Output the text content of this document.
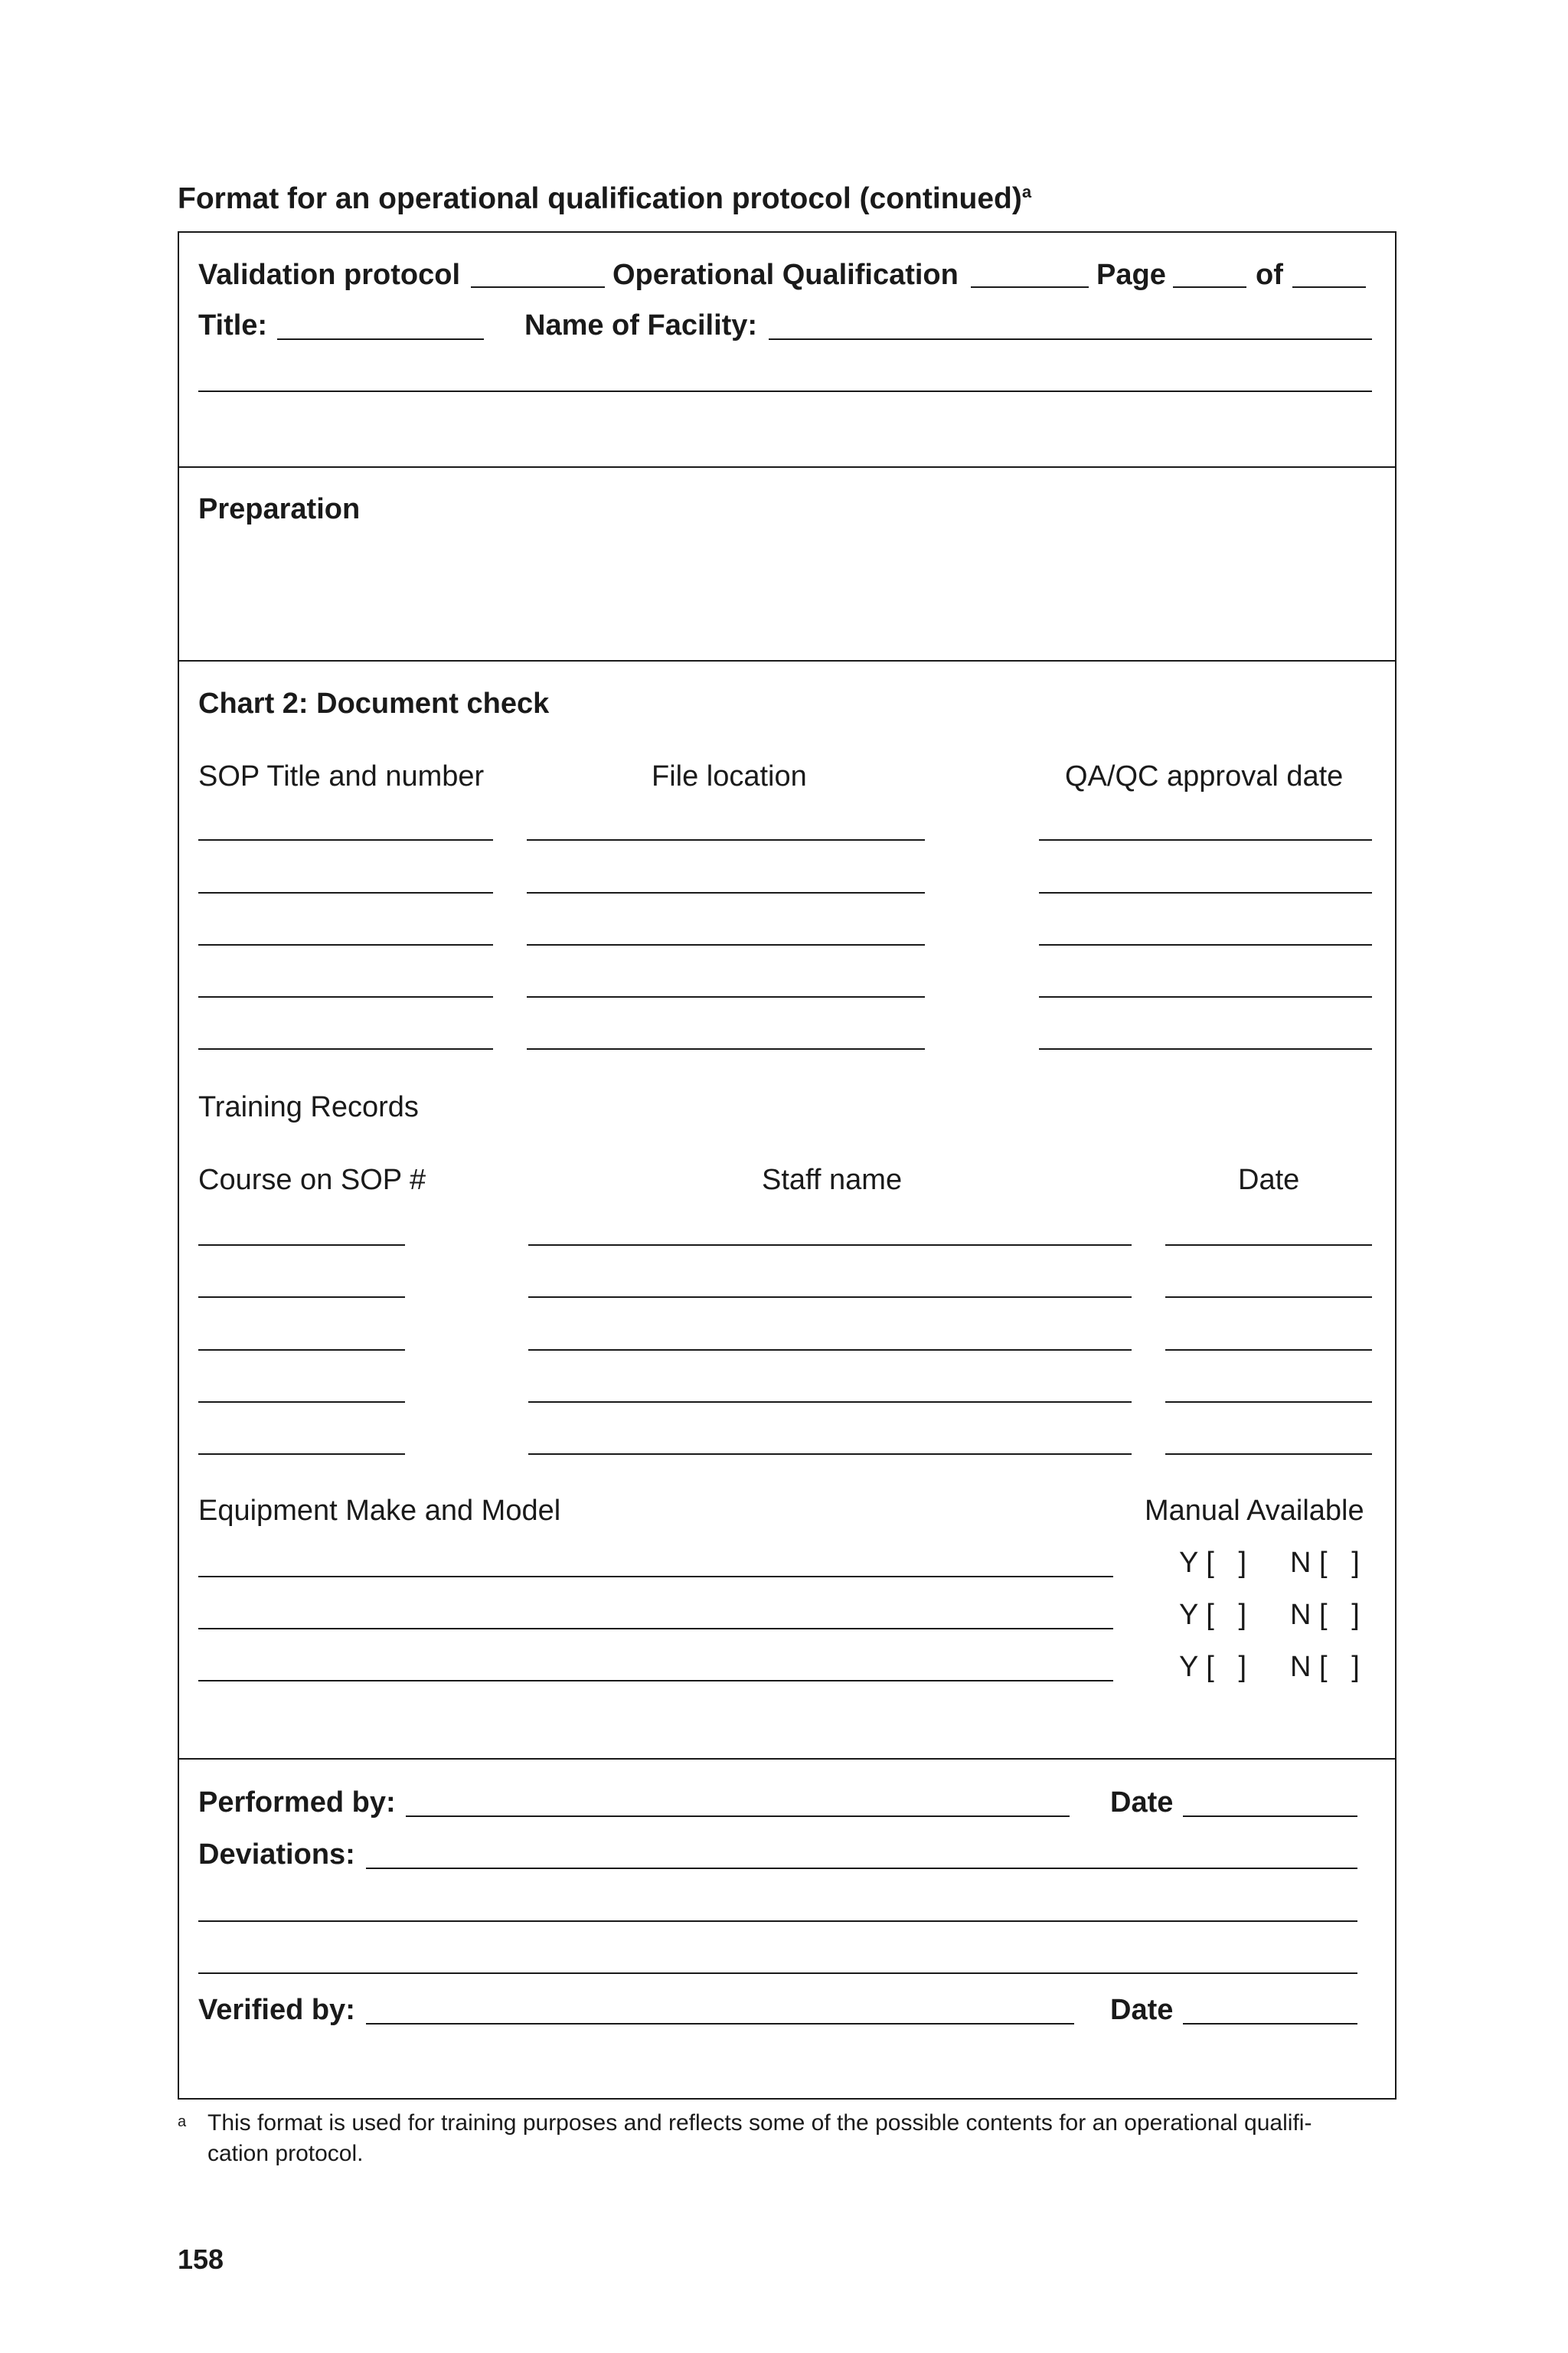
Format for an operational qualification protocol (continued)$^a$
Validation protocol	Operational Qualification	Page	of
Title:	Name of Facility:
Preparation
Chart 2: Document check
SOP Title and number	File location	QA/QC approval date
Training Records
Course on SOP #	Staff name	Date
Equipment Make and Model	Manual Available
Y [   ] N [   ]
Y [   ] N [   ]
Y [   ] N [   ]
Performed by:	Date
Deviations:
Verified by:	Date
a This format is used for training purposes and reflects some of the possible contents for an operational qualifi-
cation protocol.
158
